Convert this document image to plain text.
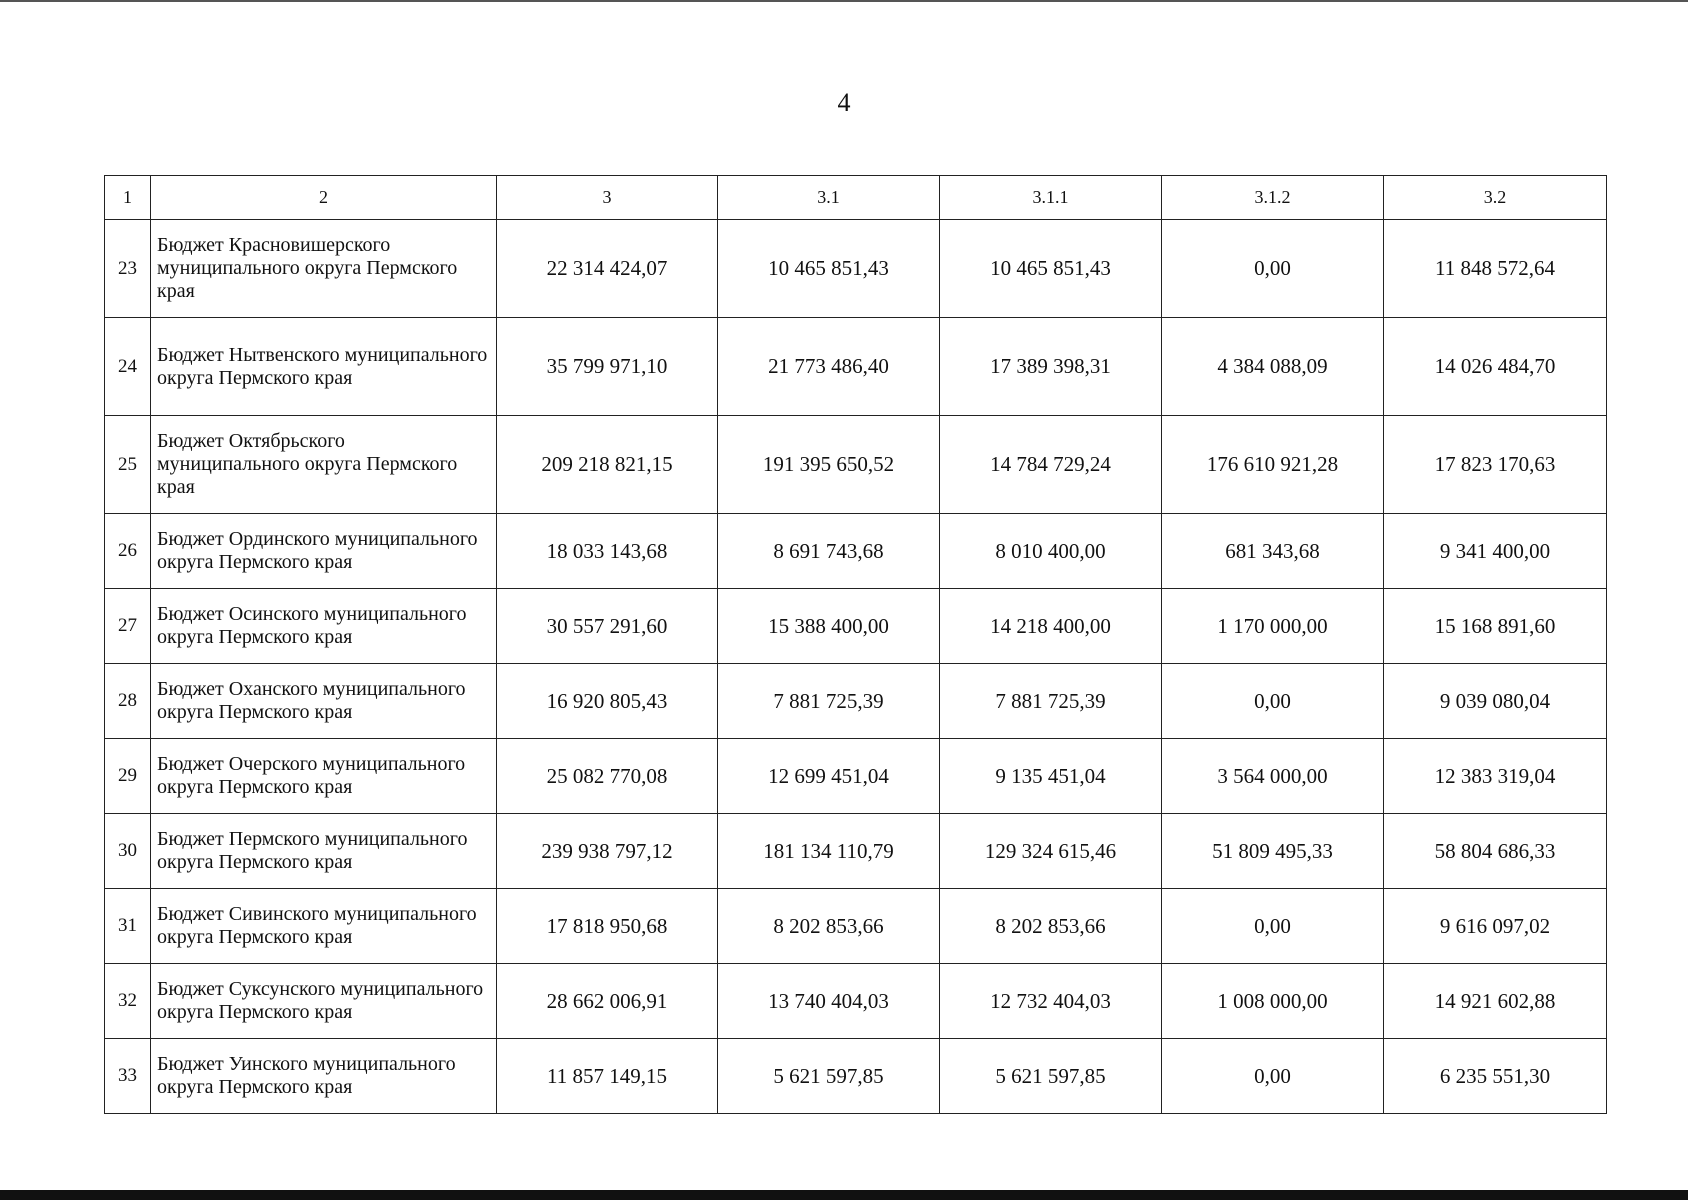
4
1	2	3	3.1	3.1.1	3.1.2	3.2
23	Бюджет Красновишерского муниципального округа Пермского края	22 314 424,07	10 465 851,43	10 465 851,43	0,00	11 848 572,64
24	Бюджет Нытвенского муниципального округа Пермского края	35 799 971,10	21 773 486,40	17 389 398,31	4 384 088,09	14 026 484,70
25	Бюджет Октябрьского муниципального округа Пермского края	209 218 821,15	191 395 650,52	14 784 729,24	176 610 921,28	17 823 170,63
26	Бюджет Ординского муниципального округа Пермского края	18 033 143,68	8 691 743,68	8 010 400,00	681 343,68	9 341 400,00
27	Бюджет Осинского муниципального округа Пермского края	30 557 291,60	15 388 400,00	14 218 400,00	1 170 000,00	15 168 891,60
28	Бюджет Оханского муниципального округа Пермского края	16 920 805,43	7 881 725,39	7 881 725,39	0,00	9 039 080,04
29	Бюджет Очерского муниципального округа Пермского края	25 082 770,08	12 699 451,04	9 135 451,04	3 564 000,00	12 383 319,04
30	Бюджет Пермского муниципального округа Пермского края	239 938 797,12	181 134 110,79	129 324 615,46	51 809 495,33	58 804 686,33
31	Бюджет Сивинского муниципального округа Пермского края	17 818 950,68	8 202 853,66	8 202 853,66	0,00	9 616 097,02
32	Бюджет Суксунского муниципального округа Пермского края	28 662 006,91	13 740 404,03	12 732 404,03	1 008 000,00	14 921 602,88
33	Бюджет Уинского муниципального округа Пермского края	11 857 149,15	5 621 597,85	5 621 597,85	0,00	6 235 551,30
